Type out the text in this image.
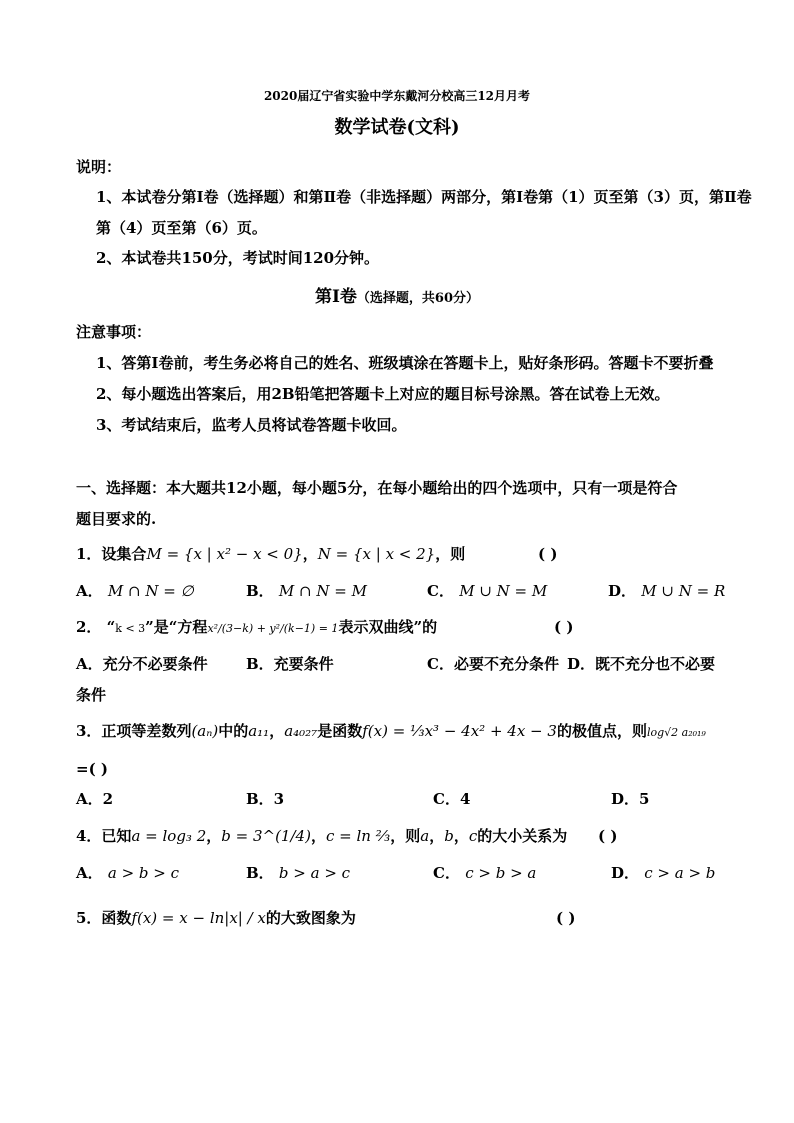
2020届辽宁省实验中学东戴河分校高三12月月考
数学试卷(文科)
说明：
1、本试卷分第Ⅰ卷（选择题）和第Ⅱ卷（非选择题）两部分，第Ⅰ卷第（1）页至第（3）页，第Ⅱ卷
第（4）页至第（6）页。
2、本试卷共150分，考试时间120分钟。
第Ⅰ卷（选择题，共60分）
注意事项：
1、答第Ⅰ卷前，考生务必将自己的姓名、班级填涂在答题卡上，贴好条形码。答题卡不要折叠
2、每小题选出答案后，用2B铅笔把答题卡上对应的题目标号涂黑。答在试卷上无效。
3、考试结束后，监考人员将试卷答题卡收回。
一、选择题：本大题共12小题，每小题5分，在每小题给出的四个选项中，只有一项是符合
题目要求的.
1．设集合M = {x | x² − x < 0}，N = {x | x < 2}，则	( )
A． M ∩ N = ∅	B． M ∩ N = M	C． M ∪ N = M	D． M ∪ N = R
2． “k < 3”是“方程x²/(3−k) + y²/(k−1) = 1表示双曲线”的	( )
A．充分不必要条件	B．充要条件	C．必要不充分条件 D．既不充分也不必要
条件
3．正项等差数列(aₙ)中的a₁₁，a₄₀₂₇是函数f(x) = ⅓x³ − 4x² + 4x − 3的极值点，则log√2 a₂₀₁₉
=( )
A．2	B．3	C．4	D．5
4．已知a = log₃ 2，b = 3^(1/4)，c = ln ⅔，则a，b，c的大小关系为 ( )
A． a > b > c	B． b > a > c	C． c > b > a	D． c > a > b
5．函数f(x) = x − ln|x| / x的大致图象为	( )
